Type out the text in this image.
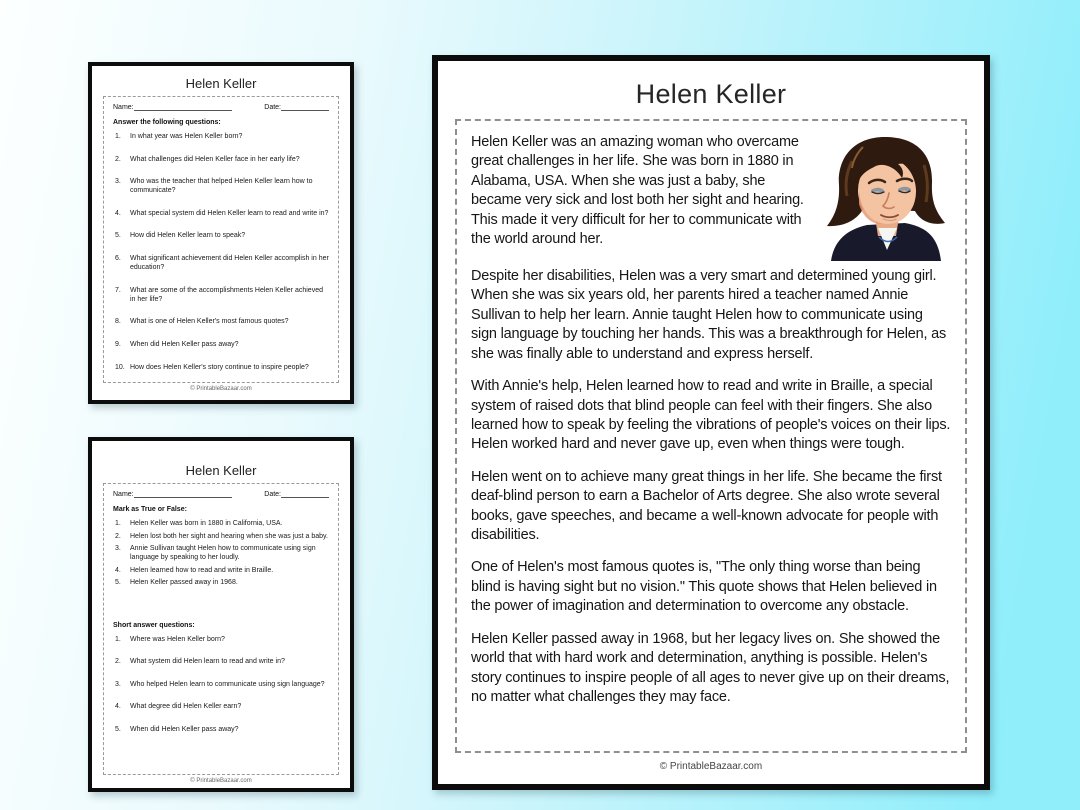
Helen Keller
Name:	Date:
Answer the following questions:
In what year was Helen Keller born?
What challenges did Helen Keller face in her early life?
Who was the teacher that helped Helen Keller learn how to communicate?
What special system did Helen Keller learn to read and write in?
How did Helen Keller learn to speak?
What significant achievement did Helen Keller accomplish in her education?
What are some of the accomplishments Helen Keller achieved in her life?
What is one of Helen Keller's most famous quotes?
When did Helen Keller pass away?
How does Helen Keller's story continue to inspire people?
© PrintableBazaar.com
Helen Keller
Name:	Date:
Mark as True or False:
Helen Keller was born in 1880 in California, USA.
Helen lost both her sight and hearing when she was just a baby.
Annie Sullivan taught Helen how to communicate using sign language by speaking to her loudly.
Helen learned how to read and write in Braille.
Helen Keller passed away in 1968.
Short answer questions:
Where was Helen Keller born?
What system did Helen learn to read and write in?
Who helped Helen learn to communicate using sign language?
What degree did Helen Keller earn?
When did Helen Keller pass away?
© PrintableBazaar.com
Helen Keller

Helen Keller was an amazing woman who overcame great challenges in her life. She was born in 1880 in Alabama, USA. When she was just a baby, she became very sick and lost both her sight and hearing. This made it very difficult for her to communicate with the world around her.

Despite her disabilities, Helen was a very smart and determined young girl. When she was six years old, her parents hired a teacher named Annie Sullivan to help her learn. Annie taught Helen how to communicate using sign language by touching her hands. This was a breakthrough for Helen, as she was finally able to understand and express herself.

With Annie's help, Helen learned how to read and write in Braille, a special system of raised dots that blind people can feel with their fingers. She also learned how to speak by feeling the vibrations of people's voices on their lips. Helen worked hard and never gave up, even when things were tough.

Helen went on to achieve many great things in her life. She became the first deaf-blind person to earn a Bachelor of Arts degree. She also wrote several books, gave speeches, and became a well-known advocate for people with disabilities.

One of Helen's most famous quotes is, "The only thing worse than being blind is having sight but no vision." This quote shows that Helen believed in the power of imagination and determination to overcome any obstacle.

Helen Keller passed away in 1968, but her legacy lives on. She showed the world that with hard work and determination, anything is possible. Helen's story continues to inspire people of all ages to never give up on their dreams, no matter what challenges they may face.

© PrintableBazaar.com
